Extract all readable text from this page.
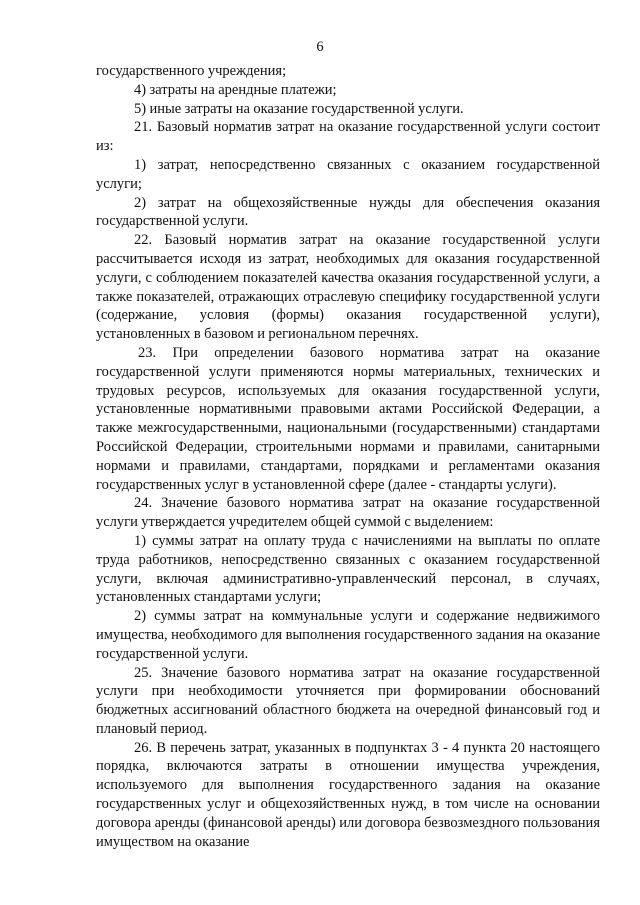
6

государственного учреждения;

4) затраты на арендные платежи;

5) иные затраты на оказание государственной услуги.

21. Базовый норматив затрат на оказание государственной услуги состоит из:

1) затрат, непосредственно связанных с оказанием государственной услуги;

2) затрат на общехозяйственные нужды для обеспечения оказания государственной услуги.

22. Базовый норматив затрат на оказание государственной услуги рассчитывается исходя из затрат, необходимых для оказания государственной услуги, с соблюдением показателей качества оказания государственной услуги, а также показателей, отражающих отраслевую специфику государственной услуги (содержание, условия (формы) оказания государственной услуги), установленных в базовом и региональном перечнях.

23. При определении базового норматива затрат на оказание государственной услуги применяются нормы материальных, технических и трудовых ресурсов, используемых для оказания государственной услуги, установленные нормативными правовыми актами Российской Федерации, а также межгосударственными, национальными (государственными) стандартами Российской Федерации, строительными нормами и правилами, санитарными нормами и правилами, стандартами, порядками и регламентами оказания государственных услуг в установленной сфере (далее - стандарты услуги).

24. Значение базового норматива затрат на оказание государственной услуги утверждается учредителем общей суммой с выделением:

1) суммы затрат на оплату труда с начислениями на выплаты по оплате труда работников, непосредственно связанных с оказанием государственной услуги, включая административно-управленческий персонал, в случаях, установленных стандартами услуги;

2) суммы затрат на коммунальные услуги и содержание недвижимого имущества, необходимого для выполнения государственного задания на оказание государственной услуги.

25. Значение базового норматива затрат на оказание государственной услуги при необходимости уточняется при формировании обоснований бюджетных ассигнований областного бюджета на очередной финансовый год и плановый период.

26. В перечень затрат, указанных в подпунктах 3 - 4 пункта 20 настоящего порядка, включаются затраты в отношении имущества учреждения, используемого для выполнения государственного задания на оказание государственных услуг и общехозяйственных нужд, в том числе на основании договора аренды (финансовой аренды) или договора безвозмездного пользования имуществом на оказание
